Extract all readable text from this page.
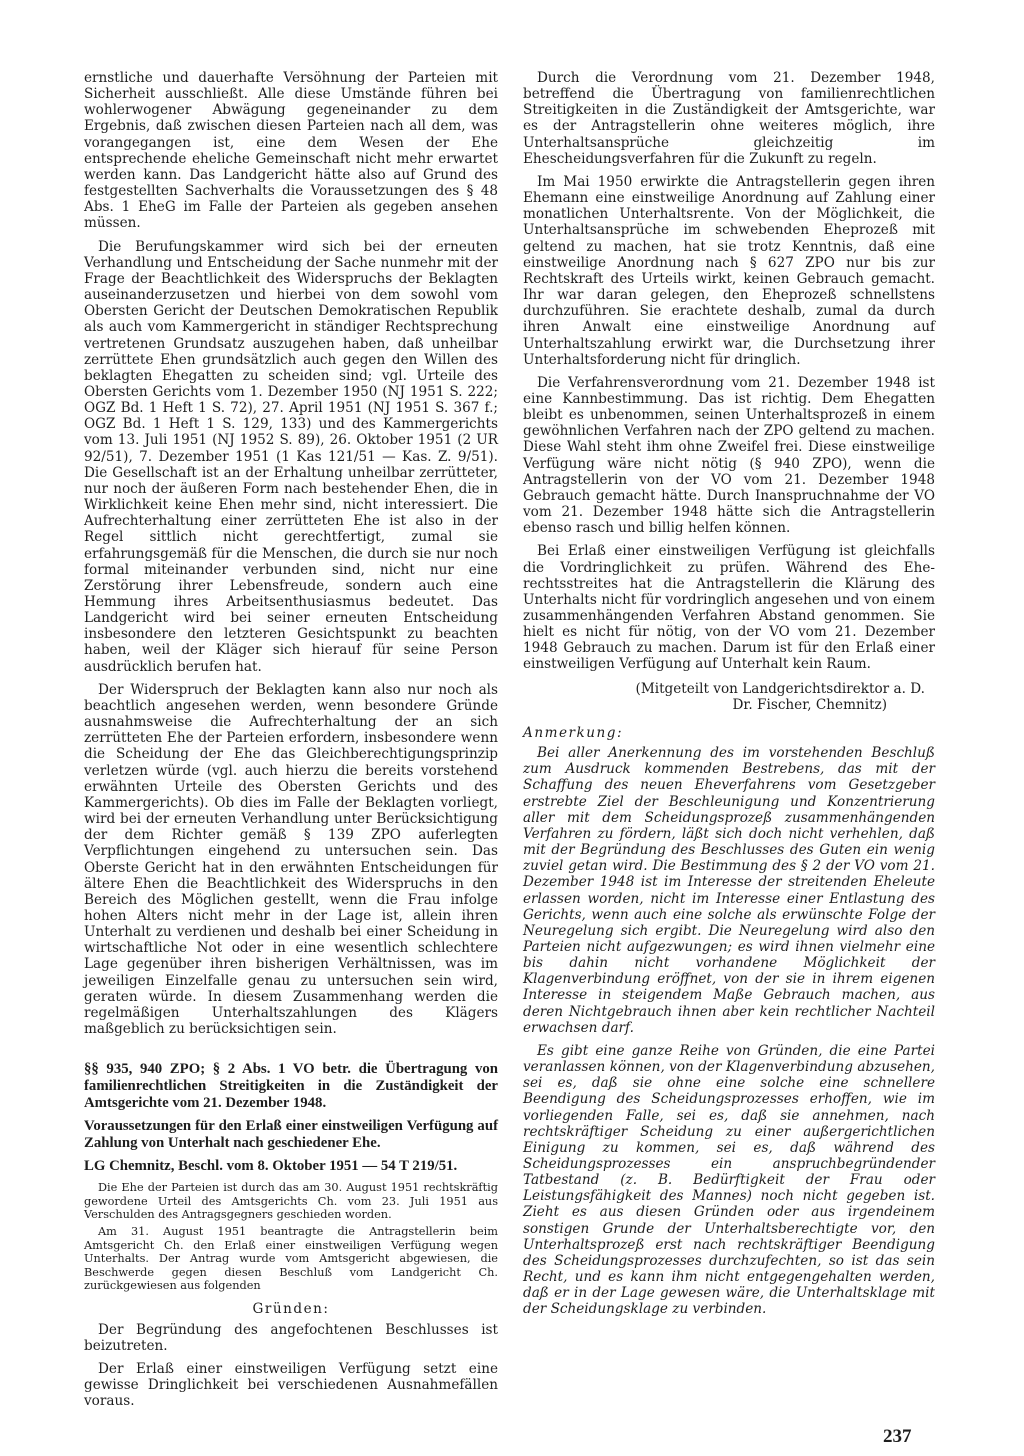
ernstliche und dauerhafte Versöhnung der Parteien mit Sicherheit ausschließt. Alle diese Umstände führen bei wohlerwogener Abwägung gegeneinander zu dem Ergebnis, daß zwischen diesen Parteien nach all dem, was vorangegangen ist, eine dem Wesen der Ehe entsprechende eheliche Gemeinschaft nicht mehr erwartet werden kann. Das Landgericht hätte also auf Grund des festgestellten Sachverhalts die Voraussetzungen des § 48 Abs. 1 EheG im Falle der Parteien als gegeben ansehen müssen.

Die Berufungskammer wird sich bei der erneuten Verhandlung und Entscheidung der Sache nunmehr mit der Frage der Beachtlichkeit des Widerspruchs der Beklagten auseinanderzusetzen und hierbei von dem sowohl vom Obersten Gericht der Deutschen Demokratischen Republik als auch vom Kammergericht in ständiger Rechtsprechung vertretenen Grundsatz auszugehen haben, daß unheilbar zerrüttete Ehen grundsätzlich auch gegen den Willen des beklagten Ehegatten zu scheiden sind; vgl. Urteile des Obersten Gerichts vom 1. Dezember 1950 (NJ 1951 S. 222; OGZ Bd. 1 Heft 1 S. 72), 27. April 1951 (NJ 1951 S. 367 f.; OGZ Bd. 1 Heft 1 S. 129, 133) und des Kammergerichts vom 13. Juli 1951 (NJ 1952 S. 89), 26. Oktober 1951 (2 UR 92/51), 7. Dezember 1951 (1 Kas 121/51 — Kas. Z. 9/51). Die Gesellschaft ist an der Erhaltung unheilbar zerrütteter, nur noch der äußeren Form nach bestehender Ehen, die in Wirklichkeit keine Ehen mehr sind, nicht interessiert. Die Aufrechterhaltung einer zerrütteten Ehe ist also in der Regel sittlich nicht gerechtfertigt, zumal sie erfahrungsgemäß für die Menschen, die durch sie nur noch formal miteinander verbunden sind, nicht nur eine Zerstörung ihrer Lebensfreude, sondern auch eine Hemmung ihres Arbeitsenthusiasmus bedeutet. Das Landgericht wird bei seiner erneuten Entscheidung insbesondere den letzteren Gesichtspunkt zu beachten haben, weil der Kläger sich hierauf für seine Person ausdrücklich berufen hat.

Der Widerspruch der Beklagten kann also nur noch als beachtlich angesehen werden, wenn besondere Gründe ausnahmsweise die Aufrechterhaltung der an sich zerrütteten Ehe der Parteien erfordern, insbesondere wenn die Scheidung der Ehe das Gleichberechtigungsprinzip verletzen würde (vgl. auch hierzu die bereits vorstehend erwähnten Urteile des Obersten Gerichts und des Kammergerichts). Ob dies im Falle der Beklagten vorliegt, wird bei der erneuten Verhandlung unter Berücksichtigung der dem Richter gemäß § 139 ZPO auferlegten Verpflichtungen eingehend zu untersuchen sein. Das Oberste Gericht hat in den erwähnten Entscheidungen für ältere Ehen die Beachtlichkeit des Widerspruchs in den Bereich des Möglichen gestellt, wenn die Frau infolge hohen Alters nicht mehr in der Lage ist, allein ihren Unterhalt zu verdienen und deshalb bei einer Scheidung in wirtschaftliche Not oder in eine wesentlich schlechtere Lage gegenüber ihren bisherigen Verhältnissen, was im jeweiligen Einzelfalle genau zu untersuchen sein wird, geraten würde. In diesem Zusammenhang werden die regelmäßigen Unterhaltszahlungen des Klägers maßgeblich zu berücksichtigen sein.

§§ 935, 940 ZPO; § 2 Abs. 1 VO betr. die Übertragung von familienrechtlichen Streitigkeiten in die Zuständigkeit der Amtsgerichte vom 21. Dezember 1948.

Voraussetzungen für den Erlaß einer einstweiligen Verfügung auf Zahlung von Unterhalt nach geschiedener Ehe.

LG Chemnitz, Beschl. vom 8. Oktober 1951 — 54 T 219/51.

Die Ehe der Parteien ist durch das am 30. August 1951 rechtskräftig gewordene Urteil des Amtsgerichts Ch. vom 23. Juli 1951 aus Verschulden des Antragsgegners geschieden worden.

Am 31. August 1951 beantragte die Antragstellerin beim Amtsgericht Ch. den Erlaß einer einstweiligen Verfügung wegen Unterhalts. Der Antrag wurde vom Amtsgericht abgewiesen, die Beschwerde gegen diesen Beschluß vom Landgericht Ch. zurückgewiesen aus folgenden

Gründen:

Der Begründung des angefochtenen Beschlusses ist beizutreten.

Der Erlaß einer einstweiligen Verfügung setzt eine gewisse Dringlichkeit bei verschiedenen Ausnahmefällen voraus.

Durch die Verordnung vom 21. Dezember 1948, betreffend die Übertragung von familienrechtlichen Streitigkeiten in die Zuständigkeit der Amtsgerichte, war es der Antragstellerin ohne weiteres möglich, ihre Unterhaltsansprüche gleichzeitig im Ehescheidungsverfahren für die Zukunft zu regeln.

Im Mai 1950 erwirkte die Antragstellerin gegen ihren Ehemann eine einstweilige Anordnung auf Zahlung einer monatlichen Unterhaltsrente. Von der Möglichkeit, die Unterhaltsansprüche im schwebenden Eheprozeß mit geltend zu machen, hat sie trotz Kenntnis, daß eine einstweilige Anordnung nach § 627 ZPO nur bis zur Rechtskraft des Urteils wirkt, keinen Gebrauch gemacht. Ihr war daran gelegen, den Eheprozeß schnellstens durchzuführen. Sie erachtete deshalb, zumal da durch ihren Anwalt eine einstweilige Anordnung auf Unterhaltszahlung erwirkt war, die Durchsetzung ihrer Unterhaltsforderung nicht für dringlich.

Die Verfahrensverordnung vom 21. Dezember 1948 ist eine Kannbestimmung. Das ist richtig. Dem Ehegatten bleibt es unbenommen, seinen Unterhaltsprozeß in einem gewöhnlichen Verfahren nach der ZPO geltend zu machen. Diese Wahl steht ihm ohne Zweifel frei. Diese einstweilige Verfügung wäre nicht nötig (§ 940 ZPO), wenn die Antragstellerin von der VO vom 21. Dezember 1948 Gebrauch gemacht hätte. Durch Inanspruchnahme der VO vom 21. Dezember 1948 hätte sich die Antragstellerin ebenso rasch und billig helfen können.

Bei Erlaß einer einstweiligen Verfügung ist gleichfalls die Vordringlichkeit zu prüfen. Während des Ehe-rechtsstreites hat die Antragstellerin die Klärung des Unterhalts nicht für vordringlich angesehen und von einem zusammenhängenden Verfahren Abstand genommen. Sie hielt es nicht für nötig, von der VO vom 21. Dezember 1948 Gebrauch zu machen. Darum ist für den Erlaß einer einstweiligen Verfügung auf Unterhalt kein Raum.

(Mitgeteilt von Landgerichtsdirektor a. D.

Dr. Fischer, Chemnitz)

Anmerkung:

Bei aller Anerkennung des im vorstehenden Beschluß zum Ausdruck kommenden Bestrebens, das mit der Schaffung des neuen Eheverfahrens vom Gesetzgeber erstrebte Ziel der Beschleunigung und Konzentrierung aller mit dem Scheidungsprozeß zusammenhängenden Verfahren zu fördern, läßt sich doch nicht verhehlen, daß mit der Begründung des Beschlusses des Guten ein wenig zuviel getan wird. Die Bestimmung des § 2 der VO vom 21. Dezember 1948 ist im Interesse der streitenden Eheleute erlassen worden, nicht im Interesse einer Entlastung des Gerichts, wenn auch eine solche als erwünschte Folge der Neuregelung sich ergibt. Die Neuregelung wird also den Parteien nicht aufgezwungen; es wird ihnen vielmehr eine bis dahin nicht vorhandene Möglichkeit der Klagenverbindung eröffnet, von der sie in ihrem eigenen Interesse in steigendem Maße Gebrauch machen, aus deren Nichtgebrauch ihnen aber kein rechtlicher Nachteil erwachsen darf.

Es gibt eine ganze Reihe von Gründen, die eine Partei veranlassen können, von der Klagenverbindung abzusehen, sei es, daß sie ohne eine solche eine schnellere Beendigung des Scheidungsprozesses erhoffen, wie im vorliegenden Falle, sei es, daß sie annehmen, nach rechtskräftiger Scheidung zu einer außergerichtlichen Einigung zu kommen, sei es, daß während des Scheidungsprozesses ein anspruchbegründender Tatbestand (z. B. Bedürftigkeit der Frau oder Leistungsfähigkeit des Mannes) noch nicht gegeben ist. Zieht es aus diesen Gründen oder aus irgendeinem sonstigen Grunde der Unterhaltsberechtigte vor, den Unterhaltsprozeß erst nach rechtskräftiger Beendigung des Scheidungsprozesses durchzufechten, so ist das sein Recht, und es kann ihm nicht entgegengehalten werden, daß er in der Lage gewesen wäre, die Unterhaltsklage mit der Scheidungsklage zu verbinden.

237
